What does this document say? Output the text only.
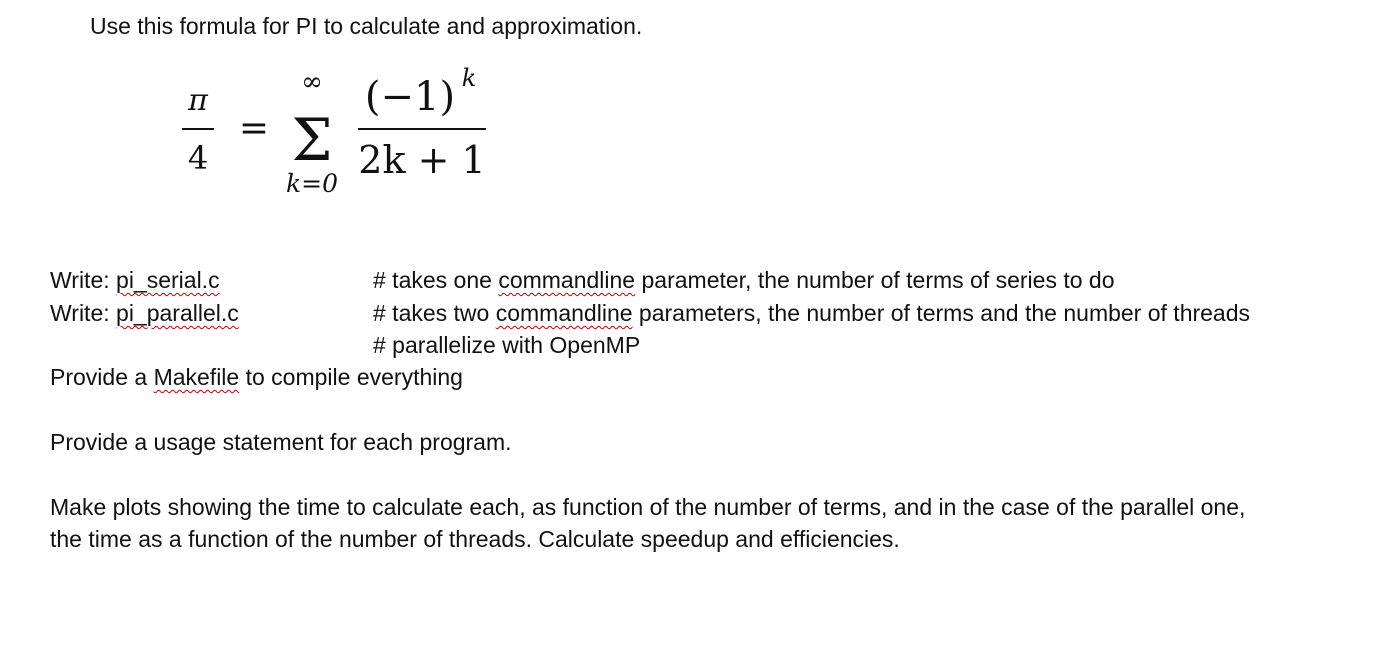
Use this formula for PI to calculate and approximation.
π
4
=
∞
Σ
k=0
(−1) k
2k + 1
Write: pi_serial.c	# takes one commandline parameter, the number of terms of series to do
Write: pi_parallel.c	# takes two commandline parameters, the number of terms and the number of threads
# parallelize with OpenMP
Provide a Makefile to compile everything
Provide a usage statement for each program.
Make plots showing the time to calculate each, as function of the number of terms, and in the case of the parallel one,
the time as a function of the number of threads. Calculate speedup and efficiencies.
